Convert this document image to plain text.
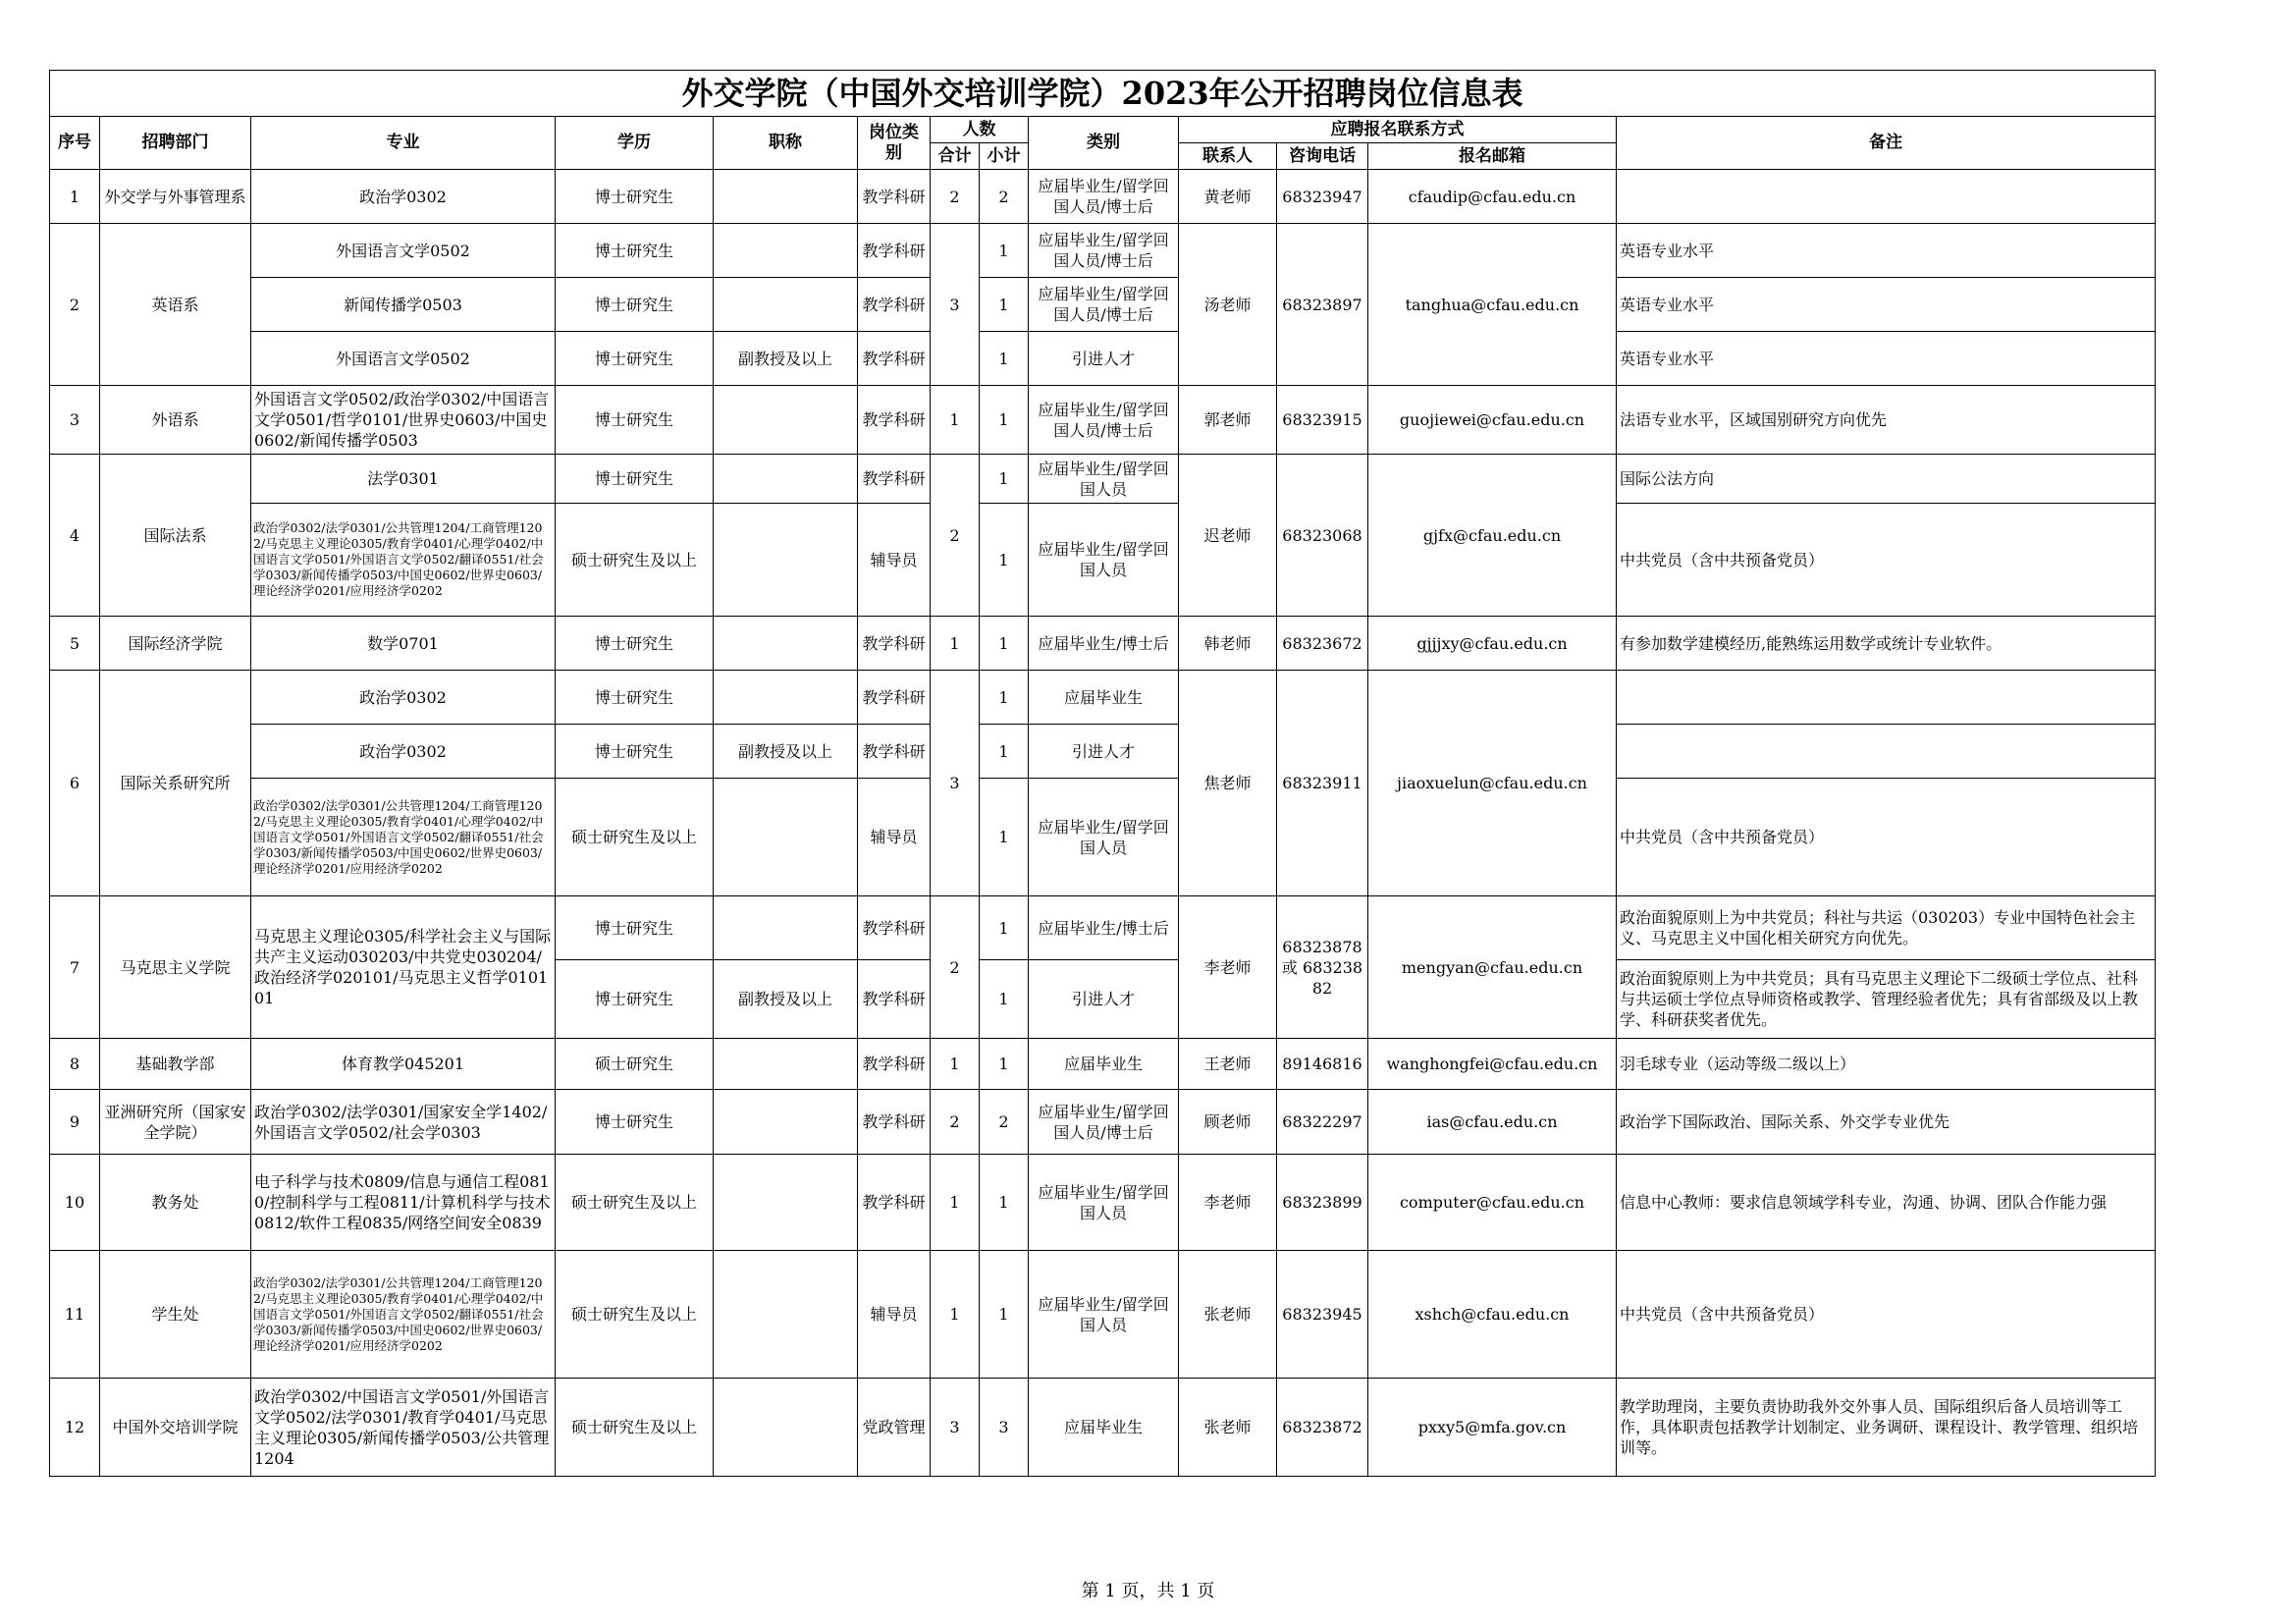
外交学院（中国外交培训学院）2023年公开招聘岗位信息表												
序号	招聘部门	专业	学历	职称	岗位类别	人数		类别	应聘报名联系方式			备注
						合计	小计		联系人	咨询电话	报名邮箱	
1	外交学与外事管理系	政治学0302	博士研究生		教学科研	2	2	应届毕业生/留学回国人员/博士后	黄老师	68323947	cfaudip@cfau.edu.cn	
2	英语系	外国语言文学0502	博士研究生		教学科研	3	1	应届毕业生/留学回国人员/博士后	汤老师	68323897	tanghua@cfau.edu.cn	英语专业水平
		新闻传播学0503	博士研究生		教学科研		1	应届毕业生/留学回国人员/博士后				英语专业水平
		外国语言文学0502	博士研究生	副教授及以上	教学科研		1	引进人才				英语专业水平
3	外语系	外国语言文学0502/政治学0302/中国语言文学0501/哲学0101/世界史0603/中国史0602/新闻传播学0503	博士研究生		教学科研	1	1	应届毕业生/留学回国人员/博士后	郭老师	68323915	guojiewei@cfau.edu.cn	法语专业水平，区域国别研究方向优先
4	国际法系	法学0301	博士研究生		教学科研	2	1	应届毕业生/留学回国人员	迟老师	68323068	gjfx@cfau.edu.cn	国际公法方向
		政治学0302/法学0301/公共管理1204/工商管理1202/马克思主义理论0305/教育学0401/心理学0402/中国语言文学0501/外国语言文学0502/翻译0551/社会学0303/新闻传播学0503/中国史0602/世界史0603/理论经济学0201/应用经济学0202	硕士研究生及以上		辅导员		1	应届毕业生/留学回国人员				中共党员（含中共预备党员）
5	国际经济学院	数学0701	博士研究生		教学科研	1	1	应届毕业生/博士后	韩老师	68323672	gjjjxy@cfau.edu.cn	有参加数学建模经历,能熟练运用数学或统计专业软件。
6	国际关系研究所	政治学0302	博士研究生		教学科研	3	1	应届毕业生	焦老师	68323911	jiaoxuelun@cfau.edu.cn	
		政治学0302	博士研究生	副教授及以上	教学科研		1	引进人才				
		政治学0302/法学0301/公共管理1204/工商管理1202/马克思主义理论0305/教育学0401/心理学0402/中国语言文学0501/外国语言文学0502/翻译0551/社会学0303/新闻传播学0503/中国史0602/世界史0603/理论经济学0201/应用经济学0202	硕士研究生及以上		辅导员		1	应届毕业生/留学回国人员				中共党员（含中共预备党员）
7	马克思主义学院	马克思主义理论0305/科学社会主义与国际共产主义运动030203/中共党史030204/政治经济学020101/马克思主义哲学010101	博士研究生		教学科研	2	1	应届毕业生/博士后	李老师	68323878 或 68323882	mengyan@cfau.edu.cn	政治面貌原则上为中共党员；科社与共运（030203）专业中国特色社会主义、马克思主义中国化相关研究方向优先。
			博士研究生	副教授及以上	教学科研		1	引进人才				政治面貌原则上为中共党员；具有马克思主义理论下二级硕士学位点、社科与共运硕士学位点导师资格或教学、管理经验者优先；具有省部级及以上教学、科研获奖者优先。
8	基础教学部	体育教学045201	硕士研究生		教学科研	1	1	应届毕业生	王老师	89146816	wanghongfei@cfau.edu.cn	羽毛球专业（运动等级二级以上）
9	亚洲研究所（国家安全学院）	政治学0302/法学0301/国家安全学1402/外国语言文学0502/社会学0303	博士研究生		教学科研	2	2	应届毕业生/留学回国人员/博士后	顾老师	68322297	ias@cfau.edu.cn	政治学下国际政治、国际关系、外交学专业优先
10	教务处	电子科学与技术0809/信息与通信工程0810/控制科学与工程0811/计算机科学与技术0812/软件工程0835/网络空间安全0839	硕士研究生及以上		教学科研	1	1	应届毕业生/留学回国人员	李老师	68323899	computer@cfau.edu.cn	信息中心教师：要求信息领域学科专业，沟通、协调、团队合作能力强
11	学生处	政治学0302/法学0301/公共管理1204/工商管理1202/马克思主义理论0305/教育学0401/心理学0402/中国语言文学0501/外国语言文学0502/翻译0551/社会学0303/新闻传播学0503/中国史0602/世界史0603/理论经济学0201/应用经济学0202	硕士研究生及以上		辅导员	1	1	应届毕业生/留学回国人员	张老师	68323945	xshch@cfau.edu.cn	中共党员（含中共预备党员）
12	中国外交培训学院	政治学0302/中国语言文学0501/外国语言文学0502/法学0301/教育学0401/马克思主义理论0305/新闻传播学0503/公共管理1204	硕士研究生及以上		党政管理	3	3	应届毕业生	张老师	68323872	pxxy5@mfa.gov.cn	教学助理岗，主要负责协助我外交外事人员、国际组织后备人员培训等工作，具体职责包括教学计划制定、业务调研、课程设计、教学管理、组织培训等。
第 1 页，共 1 页
